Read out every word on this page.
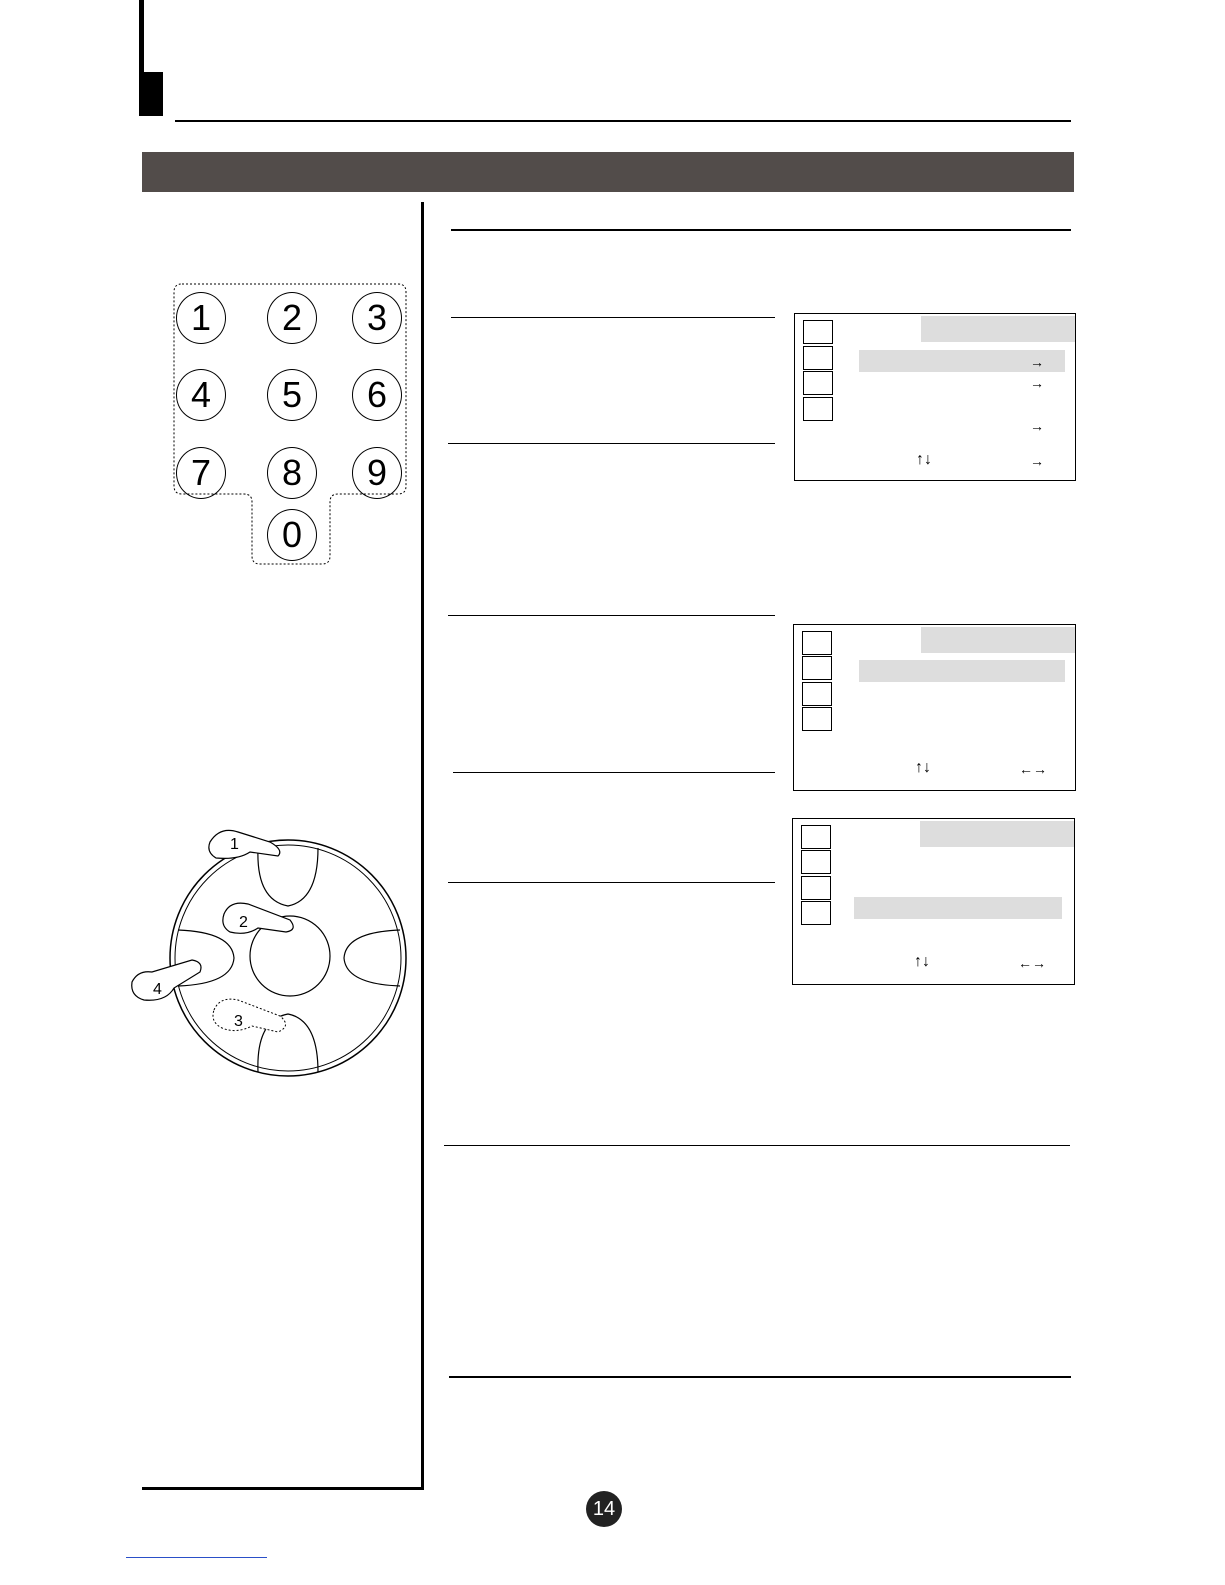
1	2	3
4	5	6
7	8	9
0
1
2
3
4
→
→
→
↑↓	→
↑↓	←→
↑↓	←→
14
